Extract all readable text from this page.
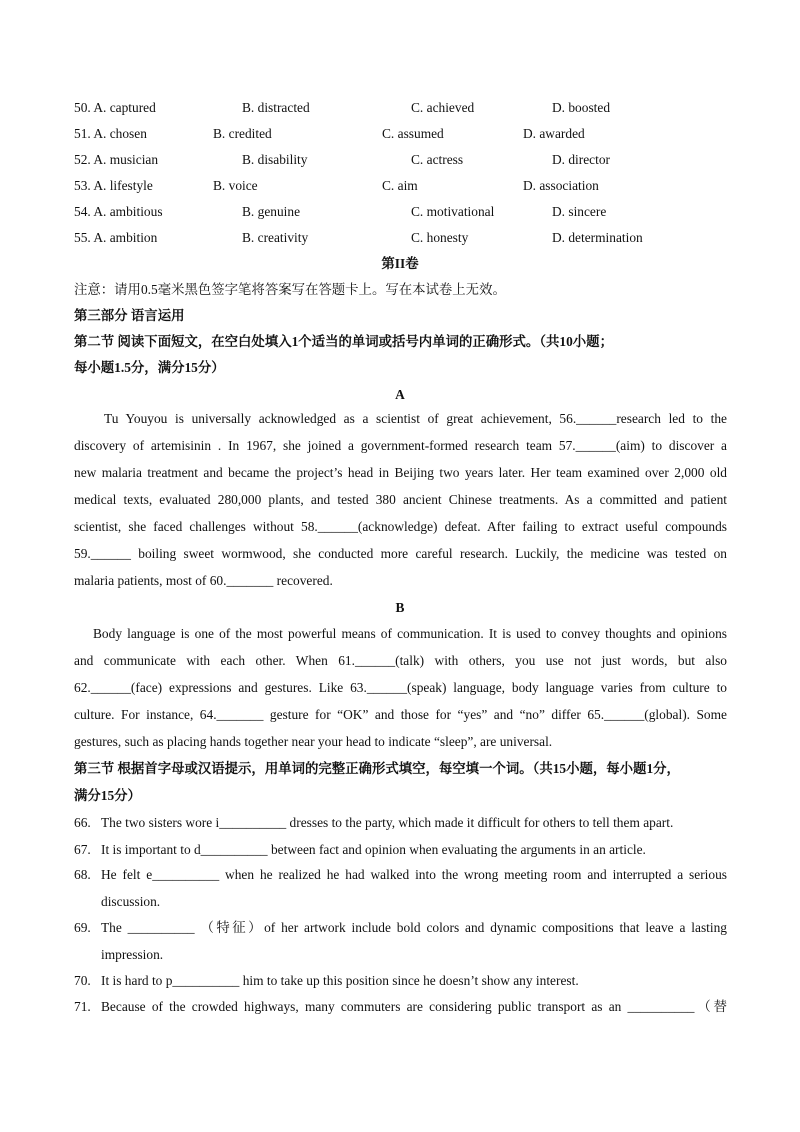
50. A. captured	B. distracted	C. achieved	D. boosted
51. A. chosen	B. credited	C. assumed	D. awarded
52. A. musician	B. disability	C. actress	D. director
53. A. lifestyle	B. voice	C. aim	D. association
54. A. ambitious	B. genuine	C. motivational	D. sincere
55. A. ambition	B. creativity	C. honesty	D. determination
第II卷
注意：请用0.5毫米黑色签字笔将答案写在答题卡上。写在本试卷上无效。
第三部分 语言运用
第二节 阅读下面短文，在空白处填入1个适当的单词或括号内单词的正确形式。（共10小题；
每小题1.5分，满分15分）
A
Tu Youyou is universally acknowledged as a scientist of great achievement, 56.______research led to the
discovery of artemisinin . In 1967, she joined a government-formed research team 57.______(aim) to discover a
new malaria treatment and became the project’s head in Beijing two years later. Her team examined over 2,000 old
medical texts, evaluated 280,000 plants, and tested 380 ancient Chinese treatments. As a committed and patient
scientist, she faced challenges without 58.______(acknowledge) defeat. After failing to extract useful compounds
59.______ boiling sweet wormwood, she conducted more careful research. Luckily, the medicine was tested on
malaria patients, most of 60._______ recovered.
B
Body language is one of the most powerful means of communication. It is used to convey thoughts and opinions
and communicate with each other. When 61.______(talk) with others, you use not just words, but also
62.______(face) expressions and gestures. Like 63.______(speak) language, body language varies from culture to
culture. For instance, 64._______ gesture for “OK” and those for “yes” and “no” differ 65.______(global). Some
gestures, such as placing hands together near your head to indicate “sleep”, are universal.
第三节 根据首字母或汉语提示，用单词的完整正确形式填空，每空填一个词。（共15小题，每小题1分，
满分15分）
66. The two sisters wore i__________ dresses to the party, which made it difficult for others to tell them apart.
67. It is important to d__________ between fact and opinion when evaluating the arguments in an article.
68. He felt e__________ when he realized he had walked into the wrong meeting room and interrupted a serious
discussion.
69. The __________ （特征）of her artwork include bold colors and dynamic compositions that leave a lasting
impression.
70. It is hard to p__________ him to take up this position since he doesn’t show any interest.
71. Because of the crowded highways, many commuters are considering public transport as an __________（替
